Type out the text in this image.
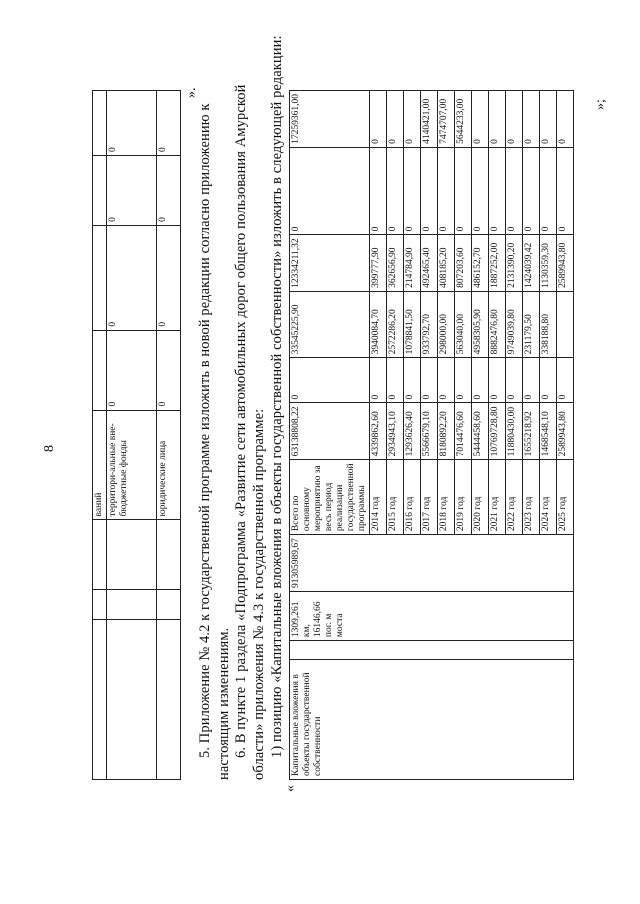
8
			ваний				
			территори-альные вне-бюджетные фонды	0	0	0	0
			юридические лица	0	0	0	0
».
5. Приложение № 4.2 к государственной программе изложить в новой редакции согласно приложению к настоящим изменениям. 6. В пункте 1 раздела «Подпрограмма «Развитие сети автомобильных дорог общего пользования Амурской области» приложения № 4.3 к государственной программе: 1) позицию «Капитальные вложения в объекты государственной собственности» изложить в следующей редакции:
«
Капитальные вложения в объекты государственной собственности		1309,261 км, 16146,66 пог. м моста	91305989,67	Всего по основному мероприятию за весь период реализации государственной программы	63138808,22	0	33545225,90	12334211,32	0	17259361,00
				2014 год	4339862,60	0	3940084,70	399777,90	0	0
				2015 год	2934943,10	0	2572286,20	362656,90	0	0
				2016 год	1293626,40	0	1078841,50	214784,90	0	0
				2017 год	5566679,10	0	933792,70	492465,40	0	4140421,00
				2018 год	8180892,20	0	298000,00	408185,20	0	7474707,00
				2019 год	7014476,60	0	563040,00	807203,60	0	5644233,00
				2020 год	5444458,60	0	4958305,90	486152,70	0	0
				2021 год	10769728,80	0	8882476,80	1887252,00	0	0
				2022 год	11880430,00	0	9749039,80	2131390,20	0	0
				2023 год	1655218,92	0	231179,50	1424039,42	0	0
				2024 год	1468548,10	0	338188,80	1130359,30	0	0
				2025 год	2589943,80	0		2589943,80	0	0
»;
